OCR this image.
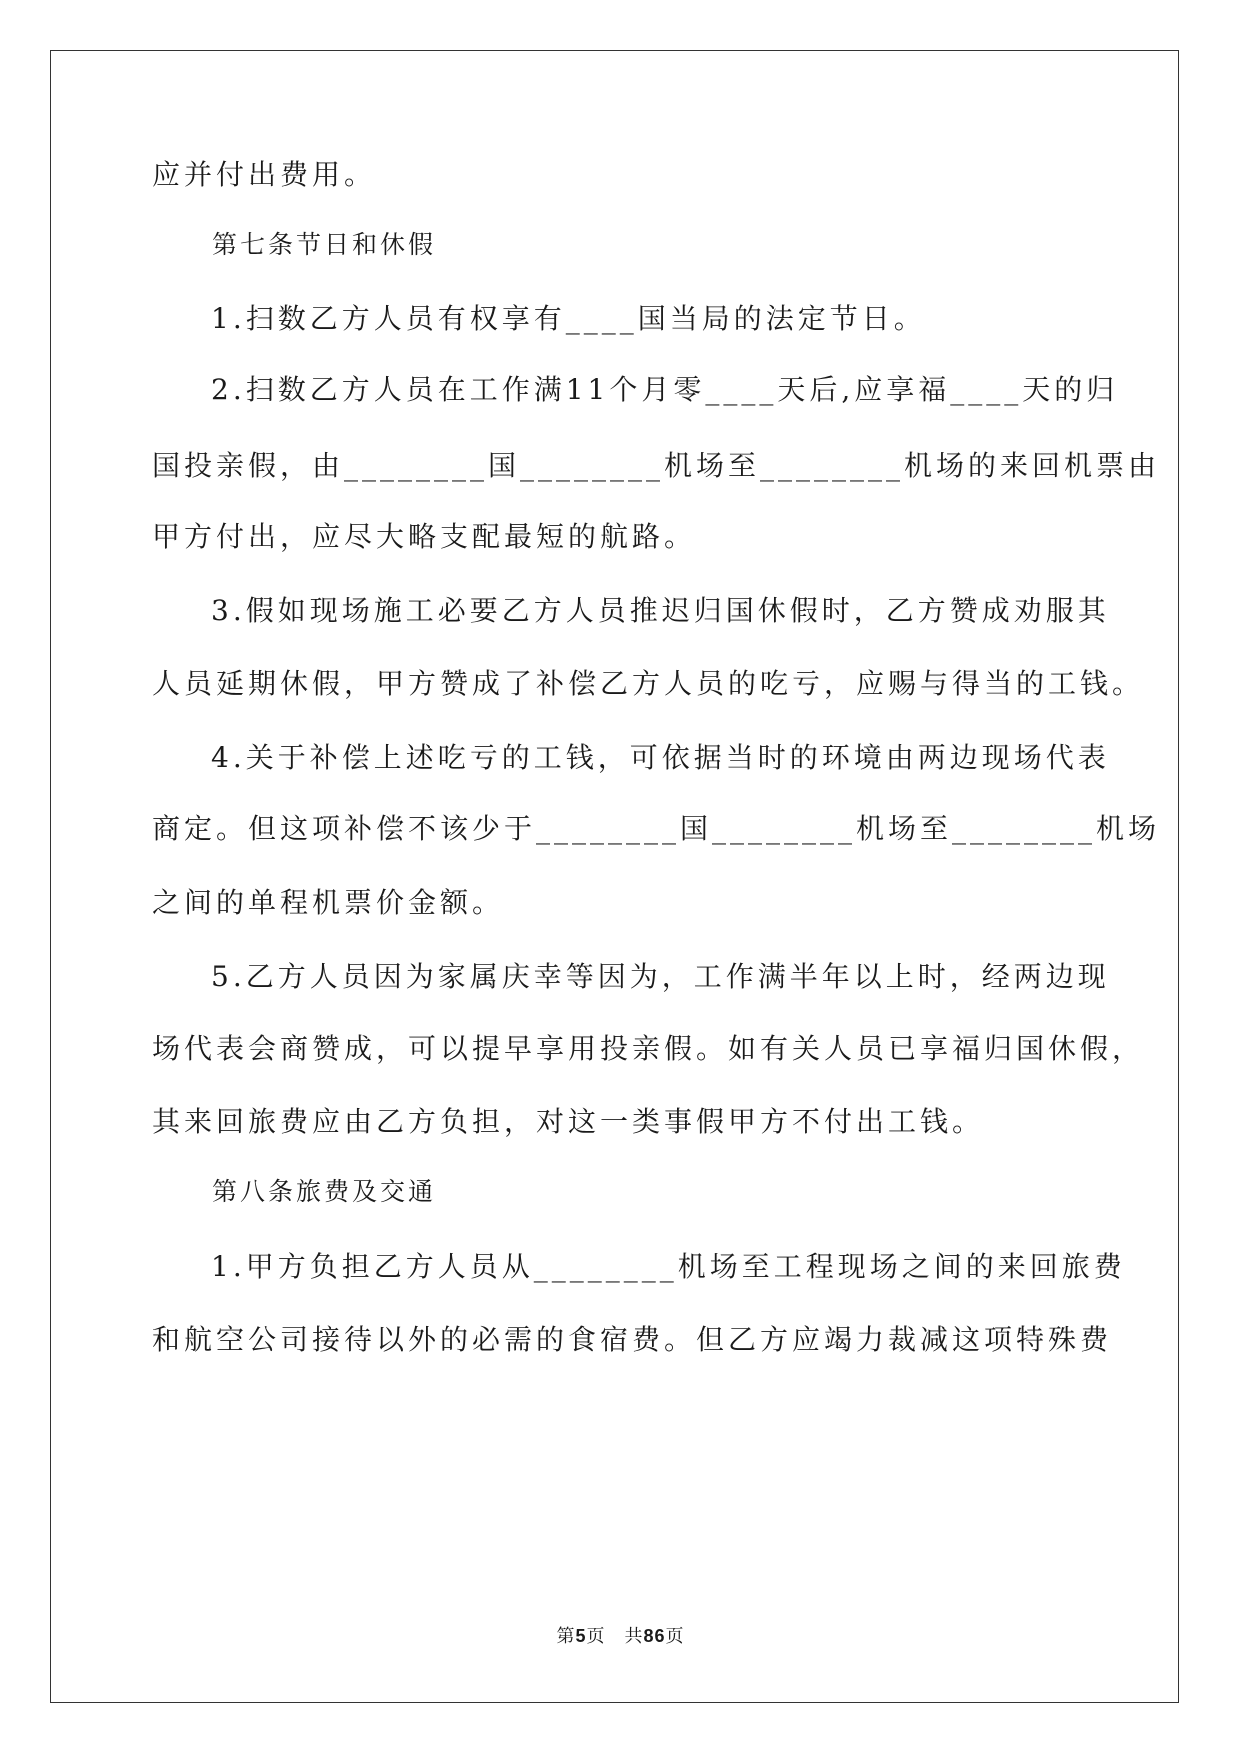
应并付出费用。
第七条节日和休假
1.扫数乙方人员有权享有____国当局的法定节日。
2.扫数乙方人员在工作满11个月零____天后,应享福____天的归
国投亲假，由________国________机场至________机场的来回机票由
甲方付出，应尽大略支配最短的航路。
3.假如现场施工必要乙方人员推迟归国休假时，乙方赞成劝服其
人员延期休假，甲方赞成了补偿乙方人员的吃亏，应赐与得当的工钱。
4.关于补偿上述吃亏的工钱，可依据当时的环境由两边现场代表
商定。但这项补偿不该少于________国________机场至________机场
之间的单程机票价金额。
5.乙方人员因为家属庆幸等因为，工作满半年以上时，经两边现
场代表会商赞成，可以提早享用投亲假。如有关人员已享福归国休假，
其来回旅费应由乙方负担，对这一类事假甲方不付出工钱。
第八条旅费及交通
1.甲方负担乙方人员从________机场至工程现场之间的来回旅费
和航空公司接待以外的必需的食宿费。但乙方应竭力裁减这项特殊费
第5页　共86页
